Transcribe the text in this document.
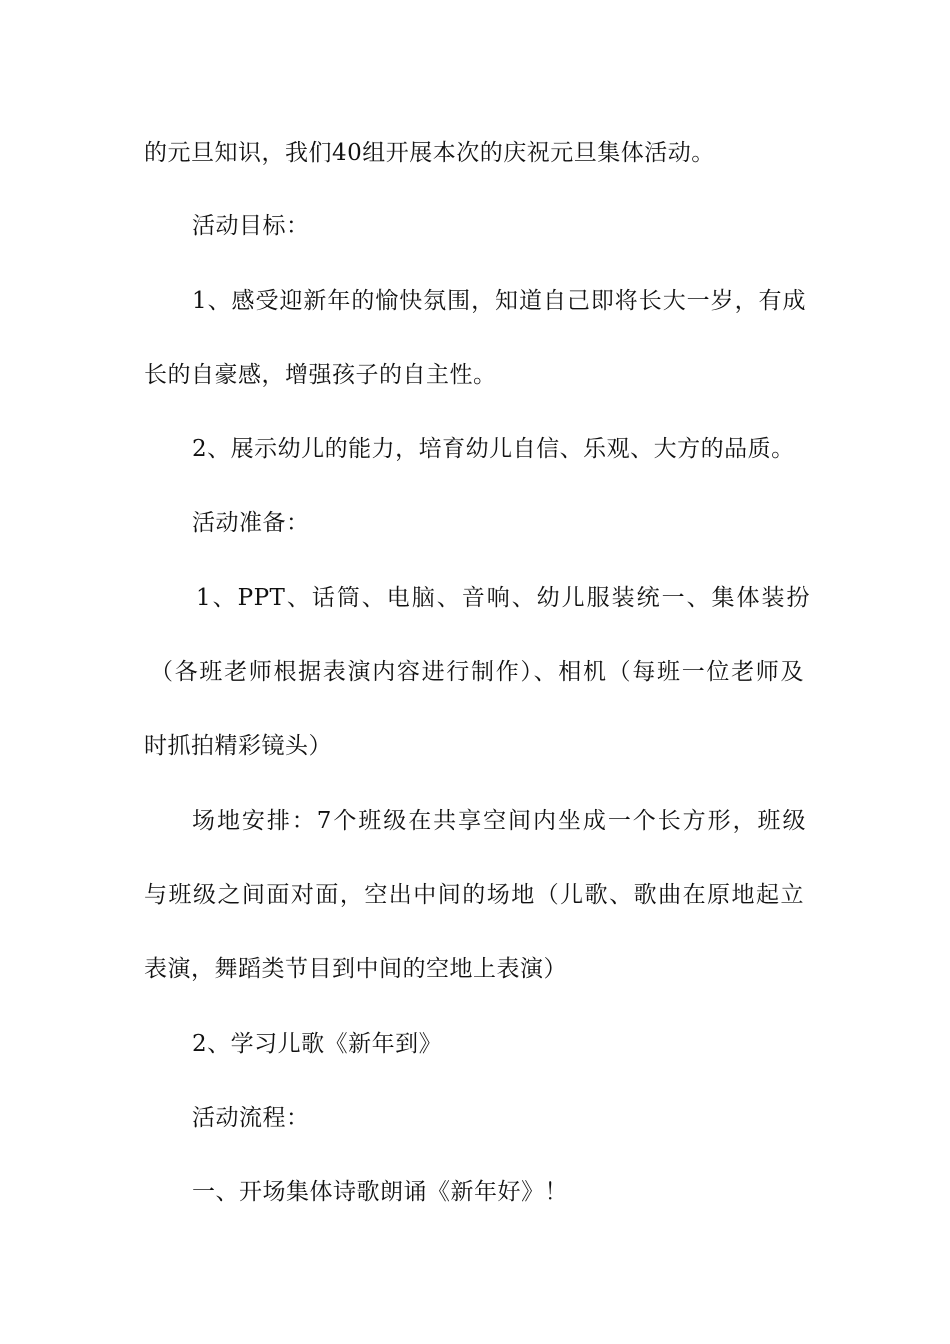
的元旦知识，我们40组开展本次的庆祝元旦集体活动。
活动目标：
1、感受迎新年的愉快氛围，知道自己即将长大一岁，有成
长的自豪感，增强孩子的自主性。
2、展示幼儿的能力，培育幼儿自信、乐观、大方的品质。
活动准备：
1、PPT、话筒、电脑、音响、幼儿服装统一、集体装扮
（各班老师根据表演内容进行制作）、相机（每班一位老师及
时抓拍精彩镜头）
场地安排：7个班级在共享空间内坐成一个长方形，班级
与班级之间面对面，空出中间的场地（儿歌、歌曲在原地起立
表演，舞蹈类节目到中间的空地上表演）
2、学习儿歌《新年到》
活动流程：
一、开场集体诗歌朗诵《新年好》！
